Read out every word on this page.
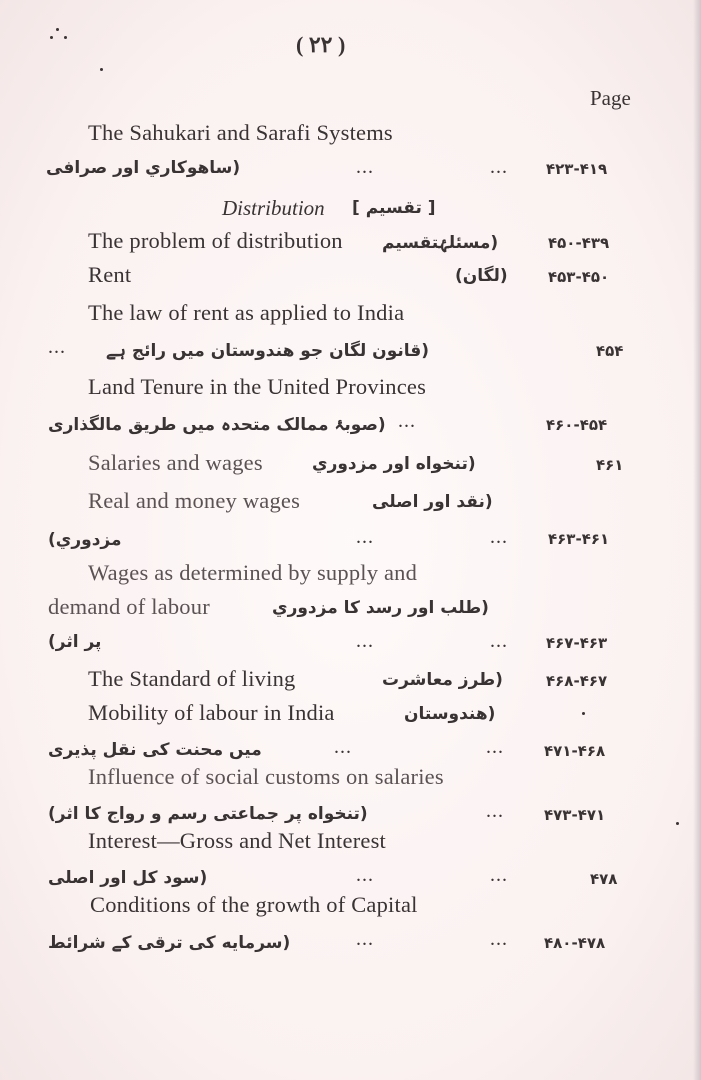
( ۲۲ )
Page
The Sahukari and Sarafi Systems
(ساهوکاري اور صرافی	...	...	۴۲۳-۴۱۹
Distribution [ تقسيم ]
The problem of distribution (مسئلۂتقسيم	۴۵۰-۴۳۹
Rent	(لگان)	۴۵۳-۴۵۰
The law of rent as applied to India
... (قانون لگان جو هندوستان ميں رائج ہے	۴۵۴
Land Tenure in the United Provinces
(صوبۂ ممالک متحدہ ميں طريق مالگذاری ...	۴۶۰-۴۵۴
Salaries and wages	(تنخواه اور مزدوري	۴۶۱
Real and money wages	(نقد اور اصلی
مزدوري)	...	...	۴۶۳-۴۶۱
Wages as determined by supply and
demand of labour	(طلب اور رسد کا مزدوري
پر اثر)	...	...	۴۶۷-۴۶۳
The Standard of living	(طرز معاشرت	۴۶۸-۴۶۷
Mobility of labour in India	(هندوستان
ميں محنت کی نقل پذيری	...	...	۴۷۱-۴۶۸
Influence of social customs on salaries
(تنخواه پر جماعتی رسم و رواج کا اثر)	...	۴۷۳-۴۷۱
Interest—Gross and Net Interest
(سود کل اور اصلی	...	...	۴۷۸
Conditions of the growth of Capital
(سرمايه کی ترقی کے شرائط	...	... ۴۸۰-۴۷۸
